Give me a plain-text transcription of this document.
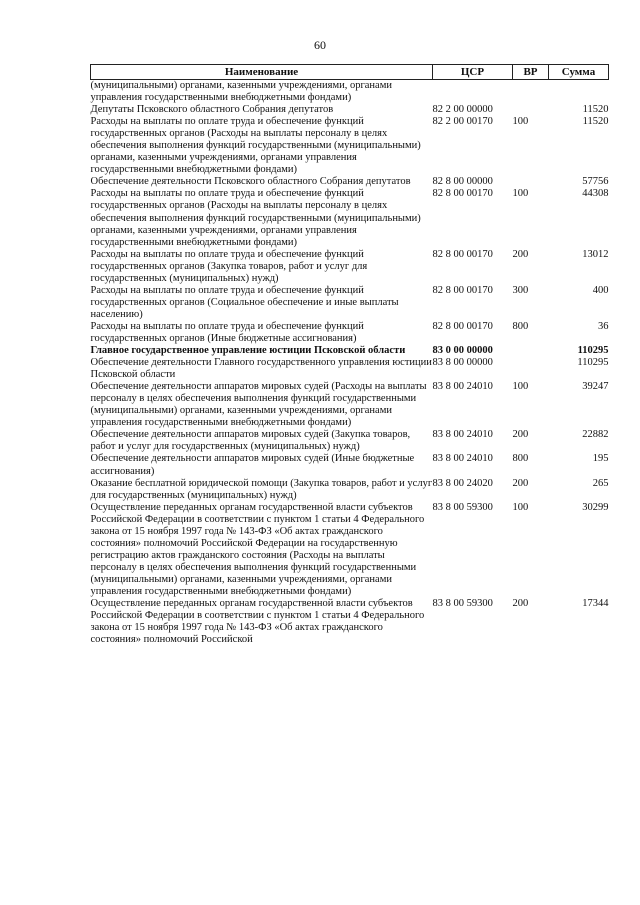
60
Наименование	ЦСР	ВР	Сумма
(муниципальными) органами, казенными учреждениями, органами управления государственными внебюджетными фондами)			
Депутаты Псковского областного Собрания депутатов	82 2 00 00000		11520
Расходы на выплаты по оплате труда и обеспечение функций государственных органов (Расходы на выплаты персоналу в целях обеспечения выполнения функций государственными (муниципальными) органами, казенными учреждениями, органами управления государственными внебюджетными фондами)	82 2 00 00170	100	11520
Обеспечение деятельности Псковского областного Собрания депутатов	82 8 00 00000		57756
Расходы на выплаты по оплате труда и обеспечение функций государственных органов (Расходы на выплаты персоналу в целях обеспечения выполнения функций государственными (муниципальными) органами, казенными учреждениями, органами управления государственными внебюджетными фондами)	82 8 00 00170	100	44308
Расходы на выплаты по оплате труда и обеспечение функций государственных органов (Закупка товаров, работ и услуг для государственных (муниципальных) нужд)	82 8 00 00170	200	13012
Расходы на выплаты по оплате труда и обеспечение функций государственных органов (Социальное обеспечение и иные выплаты населению)	82 8 00 00170	300	400
Расходы на выплаты по оплате труда и обеспечение функций государственных органов (Иные бюджетные ассигнования)	82 8 00 00170	800	36
Главное государственное управление юстиции Псковской области	83 0 00 00000		110295
Обеспечение деятельности Главного государственного управления юстиции Псковской области	83 8 00 00000		110295
Обеспечение деятельности аппаратов мировых судей (Расходы на выплаты персоналу в целях обеспечения выполнения функций государственными (муниципальными) органами, казенными учреждениями, органами управления государственными внебюджетными фондами)	83 8 00 24010	100	39247
Обеспечение деятельности аппаратов мировых судей (Закупка товаров, работ и услуг для государственных (муниципальных) нужд)	83 8 00 24010	200	22882
Обеспечение деятельности аппаратов мировых судей (Иные бюджетные ассигнования)	83 8 00 24010	800	195
Оказание бесплатной юридической помощи (Закупка товаров, работ и услуг для государственных (муниципальных) нужд)	83 8 00 24020	200	265
Осуществление переданных органам государственной власти субъектов Российской Федерации в соответствии с пунктом 1 статьи 4 Федерального закона от 15 ноября 1997 года № 143-ФЗ «Об актах гражданского состояния» полномочий Российской Федерации на государственную регистрацию актов гражданского состояния (Расходы на выплаты персоналу в целях обеспечения выполнения функций государственными (муниципальными) органами, казенными учреждениями, органами управления государственными внебюджетными фондами)	83 8 00 59300	100	30299
Осуществление переданных органам государственной власти субъектов Российской Федерации в соответствии с пунктом 1 статьи 4 Федерального закона от 15 ноября 1997 года № 143-ФЗ «Об актах гражданского состояния» полномочий Российской	83 8 00 59300	200	17344
